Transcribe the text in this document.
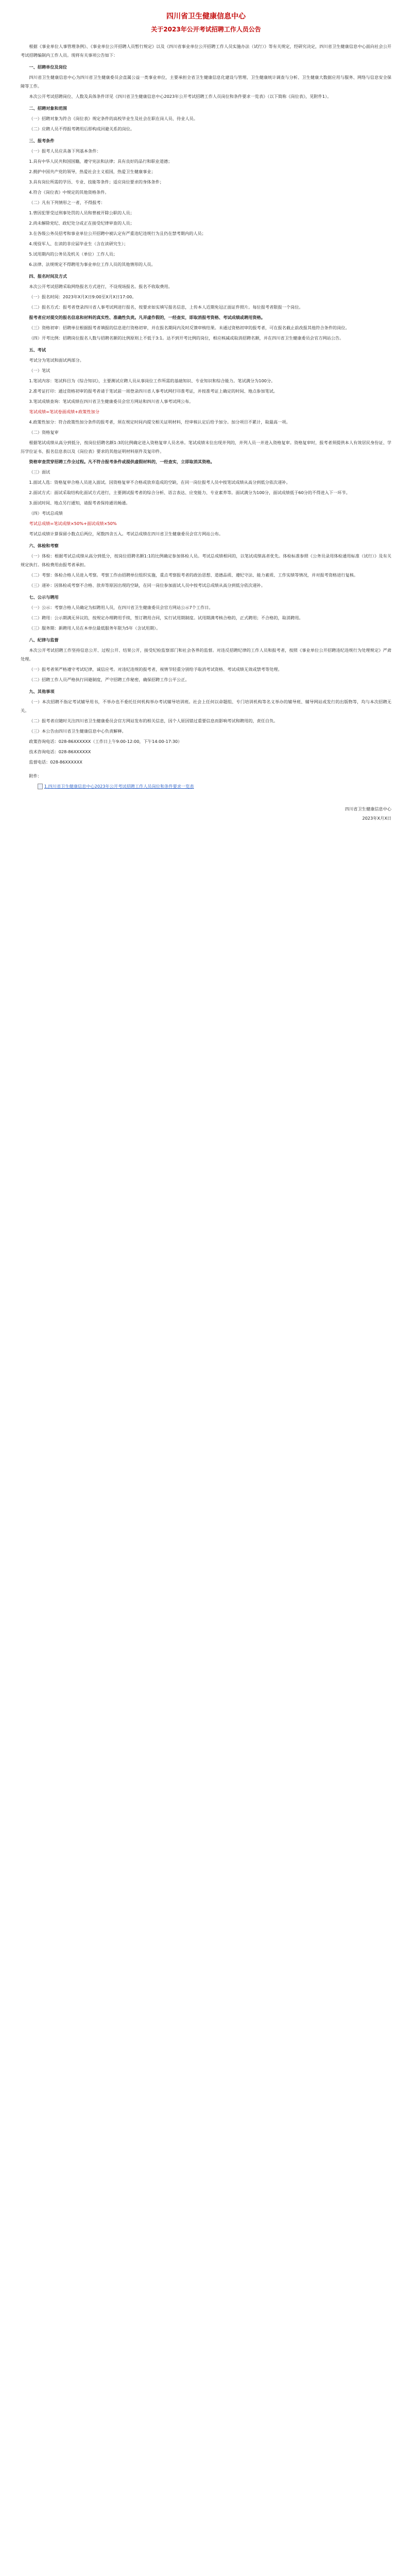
四川省卫生健康信息中心
关于2023年公开考试招聘工作人员公告

根据《事业单位人事管理条例》、《事业单位公开招聘人员暂行规定》以及《四川省事业单位公开招聘工作人员实施办法（试行）》等有关规定，经研究决定，四川省卫生健康信息中心面向社会公开考试招聘编制内工作人员。现将有关事项公告如下：

一、招聘单位及岗位

四川省卫生健康信息中心为四川省卫生健康委员会直属公益一类事业单位，主要承担全省卫生健康信息化建设与管理、卫生健康统计调查与分析、卫生健康大数据应用与服务、网络与信息安全保障等工作。

本次公开考试招聘岗位、人数及具体条件详见《四川省卫生健康信息中心2023年公开考试招聘工作人员岗位和条件要求一览表》（以下简称《岗位表》，见附件1）。

二、招聘对象和范围

（一）招聘对象为符合《岗位表》规定条件的高校毕业生及社会在职在岗人员、待业人员。

（二）应聘人员不得报考聘用后即构成回避关系的岗位。

三、报考条件

（一）报考人员应具备下列基本条件：

1.具有中华人民共和国国籍，遵守宪法和法律；具有良好的品行和职业道德；

2.拥护中国共产党的领导，热爱社会主义祖国，热爱卫生健康事业；

3.具有岗位所需的学历、专业、技能等条件；适应岗位要求的身体条件；

4.符合《岗位表》中规定的其他资格条件。

（二）凡有下列情形之一者，不得报考：

1.曾因犯罪受过刑事处罚的人员和曾被开除公职的人员；

2.尚未解除党纪、政纪处分或正在接受纪律审查的人员；

3.在各级公务员招考和事业单位公开招聘中被认定有严重违纪违规行为且仍在禁考期内的人员；

4.现役军人、在读的非应届毕业生（含在读研究生）；

5.试用期内的公务员及机关（单位）工作人员；

6.法律、法规规定不得聘用为事业单位工作人员的其他情形的人员。

四、报名时间及方式

本次公开考试招聘采取网络报名方式进行，不设现场报名。报名不收取费用。

（一）报名时间：2023年X月X日9:00至X月X日17:00。

（二）报名方式：报考者登录四川省人事考试网进行报名，按要求如实填写报名信息，上传本人近期免冠正面证件照片。每位报考者限报一个岗位。

报考者应对提交的报名信息和材料的真实性、准确性负责。凡弄虚作假的，一经查实，即取消报考资格、考试成绩或聘用资格。

（三）资格初审：招聘单位根据报考者填报的信息进行资格初审，并在报名期间内及时反馈审核结果。未通过资格初审的报考者，可在报名截止前改报其他符合条件的岗位。

（四）开考比例：招聘岗位报名人数与招聘名额的比例原则上不低于3:1。达不到开考比例的岗位，相应核减或取消招聘名额，并在四川省卫生健康委员会官方网站公告。

五、考试

考试分为笔试和面试两部分。

（一）笔试

1.笔试内容：笔试科目为《综合知识》，主要测试应聘人员从事岗位工作所需的基础知识、专业知识和综合能力。笔试满分为100分。

2.准考证打印：通过资格初审的报考者请于笔试前一周登录四川省人事考试网打印准考证，并按准考证上确定的时间、地点参加笔试。

3.笔试成绩查询：笔试成绩在四川省卫生健康委员会官方网站和四川省人事考试网公布。

笔试成绩=笔试卷面成绩+政策性加分

4.政策性加分：符合政策性加分条件的报考者，须在规定时间内提交相关证明材料，经审核认定后给予加分。加分项目不累计，取最高一项。

（二）资格复审

根据笔试成绩从高分到低分，按岗位招聘名额1:3的比例确定进入资格复审人员名单。笔试成绩末位出现并列的，并列人员一并进入资格复审。资格复审时，报考者须提供本人有效居民身份证、学历学位证书、报名信息表以及《岗位表》要求的其他证明材料原件及复印件。

资格审查贯穿招聘工作全过程。凡不符合报考条件或提供虚假材料的，一经查实，立即取消其资格。

（三）面试

1.面试人选：资格复审合格人员进入面试。因资格复审不合格或放弃造成的空缺，在同一岗位报考人员中按笔试成绩从高分到低分依次递补。

2.面试方式：面试采取结构化面试方式进行，主要测试报考者的综合分析、语言表达、应变能力、专业素养等。面试满分为100分，面试成绩低于60分的不得进入下一环节。

3.面试时间、地点另行通知，请报考者保持通讯畅通。

（四）考试总成绩

考试总成绩=笔试成绩×50%+面试成绩×50%

考试总成绩计算保留小数点后两位，尾数四舍五入。考试总成绩在四川省卫生健康委员会官方网站公布。

六、体检和考察

（一）体检：根据考试总成绩从高分到低分，按岗位招聘名额1:1的比例确定参加体检人员。考试总成绩相同的，以笔试成绩高者优先。体检标准参照《公务员录用体检通用标准（试行）》及有关规定执行。体检费用由报考者承担。

（二）考察：体检合格人员进入考察。考察工作由招聘单位组织实施，重点考察报考者的政治思想、道德品质、遵纪守法、能力素质、工作实绩等情况，并对报考资格进行复核。

（三）递补：因体检或考察不合格、放弃等原因出现的空缺，在同一岗位参加面试人员中按考试总成绩从高分到低分依次递补。

七、公示与聘用

（一）公示：考察合格人员确定为拟聘用人员，在四川省卫生健康委员会官方网站公示7个工作日。

（二）聘用：公示期满无异议的，按规定办理聘用手续，签订聘用合同，实行试用期制度。试用期满考核合格的，正式聘用；不合格的，取消聘用。

（三）服务期：新聘用人员在本单位最低服务年限为5年（含试用期）。

八、纪律与监督

本次公开考试招聘工作坚持信息公开、过程公开、结果公开，接受纪检监察部门和社会各界的监督。对违反招聘纪律的工作人员和报考者，按照《事业单位公开招聘违纪违规行为处理规定》严肃处理。

（一）报考者须严格遵守考试纪律，诚信应考。对违纪违规的报考者，视情节轻重分别给予取消考试资格、考试成绩无效或禁考等处理。

（二）招聘工作人员严格执行回避制度，严守招聘工作秘密，确保招聘工作公平公正。

九、其他事项

（一）本次招聘不指定考试辅导用书，不举办也不委托任何机构举办考试辅导培训班。社会上任何以命题组、专门培训机构等名义举办的辅导班、辅导网站或发行的出版物等，均与本次招聘无关。

（二）报考者应随时关注四川省卫生健康委员会官方网站发布的相关信息，因个人原因错过重要信息而影响考试和聘用的，责任自负。

（三）本公告由四川省卫生健康信息中心负责解释。

政策咨询电话：028-86XXXXXX（工作日上午9:00-12:00，下午14:00-17:30）

技术咨询电话：028-86XXXXXX

监督电话：028-86XXXXXX

附件：

1.四川省卫生健康信息中心2023年公开考试招聘工作人员岗位和条件要求一览表

四川省卫生健康信息中心
2023年X月X日
